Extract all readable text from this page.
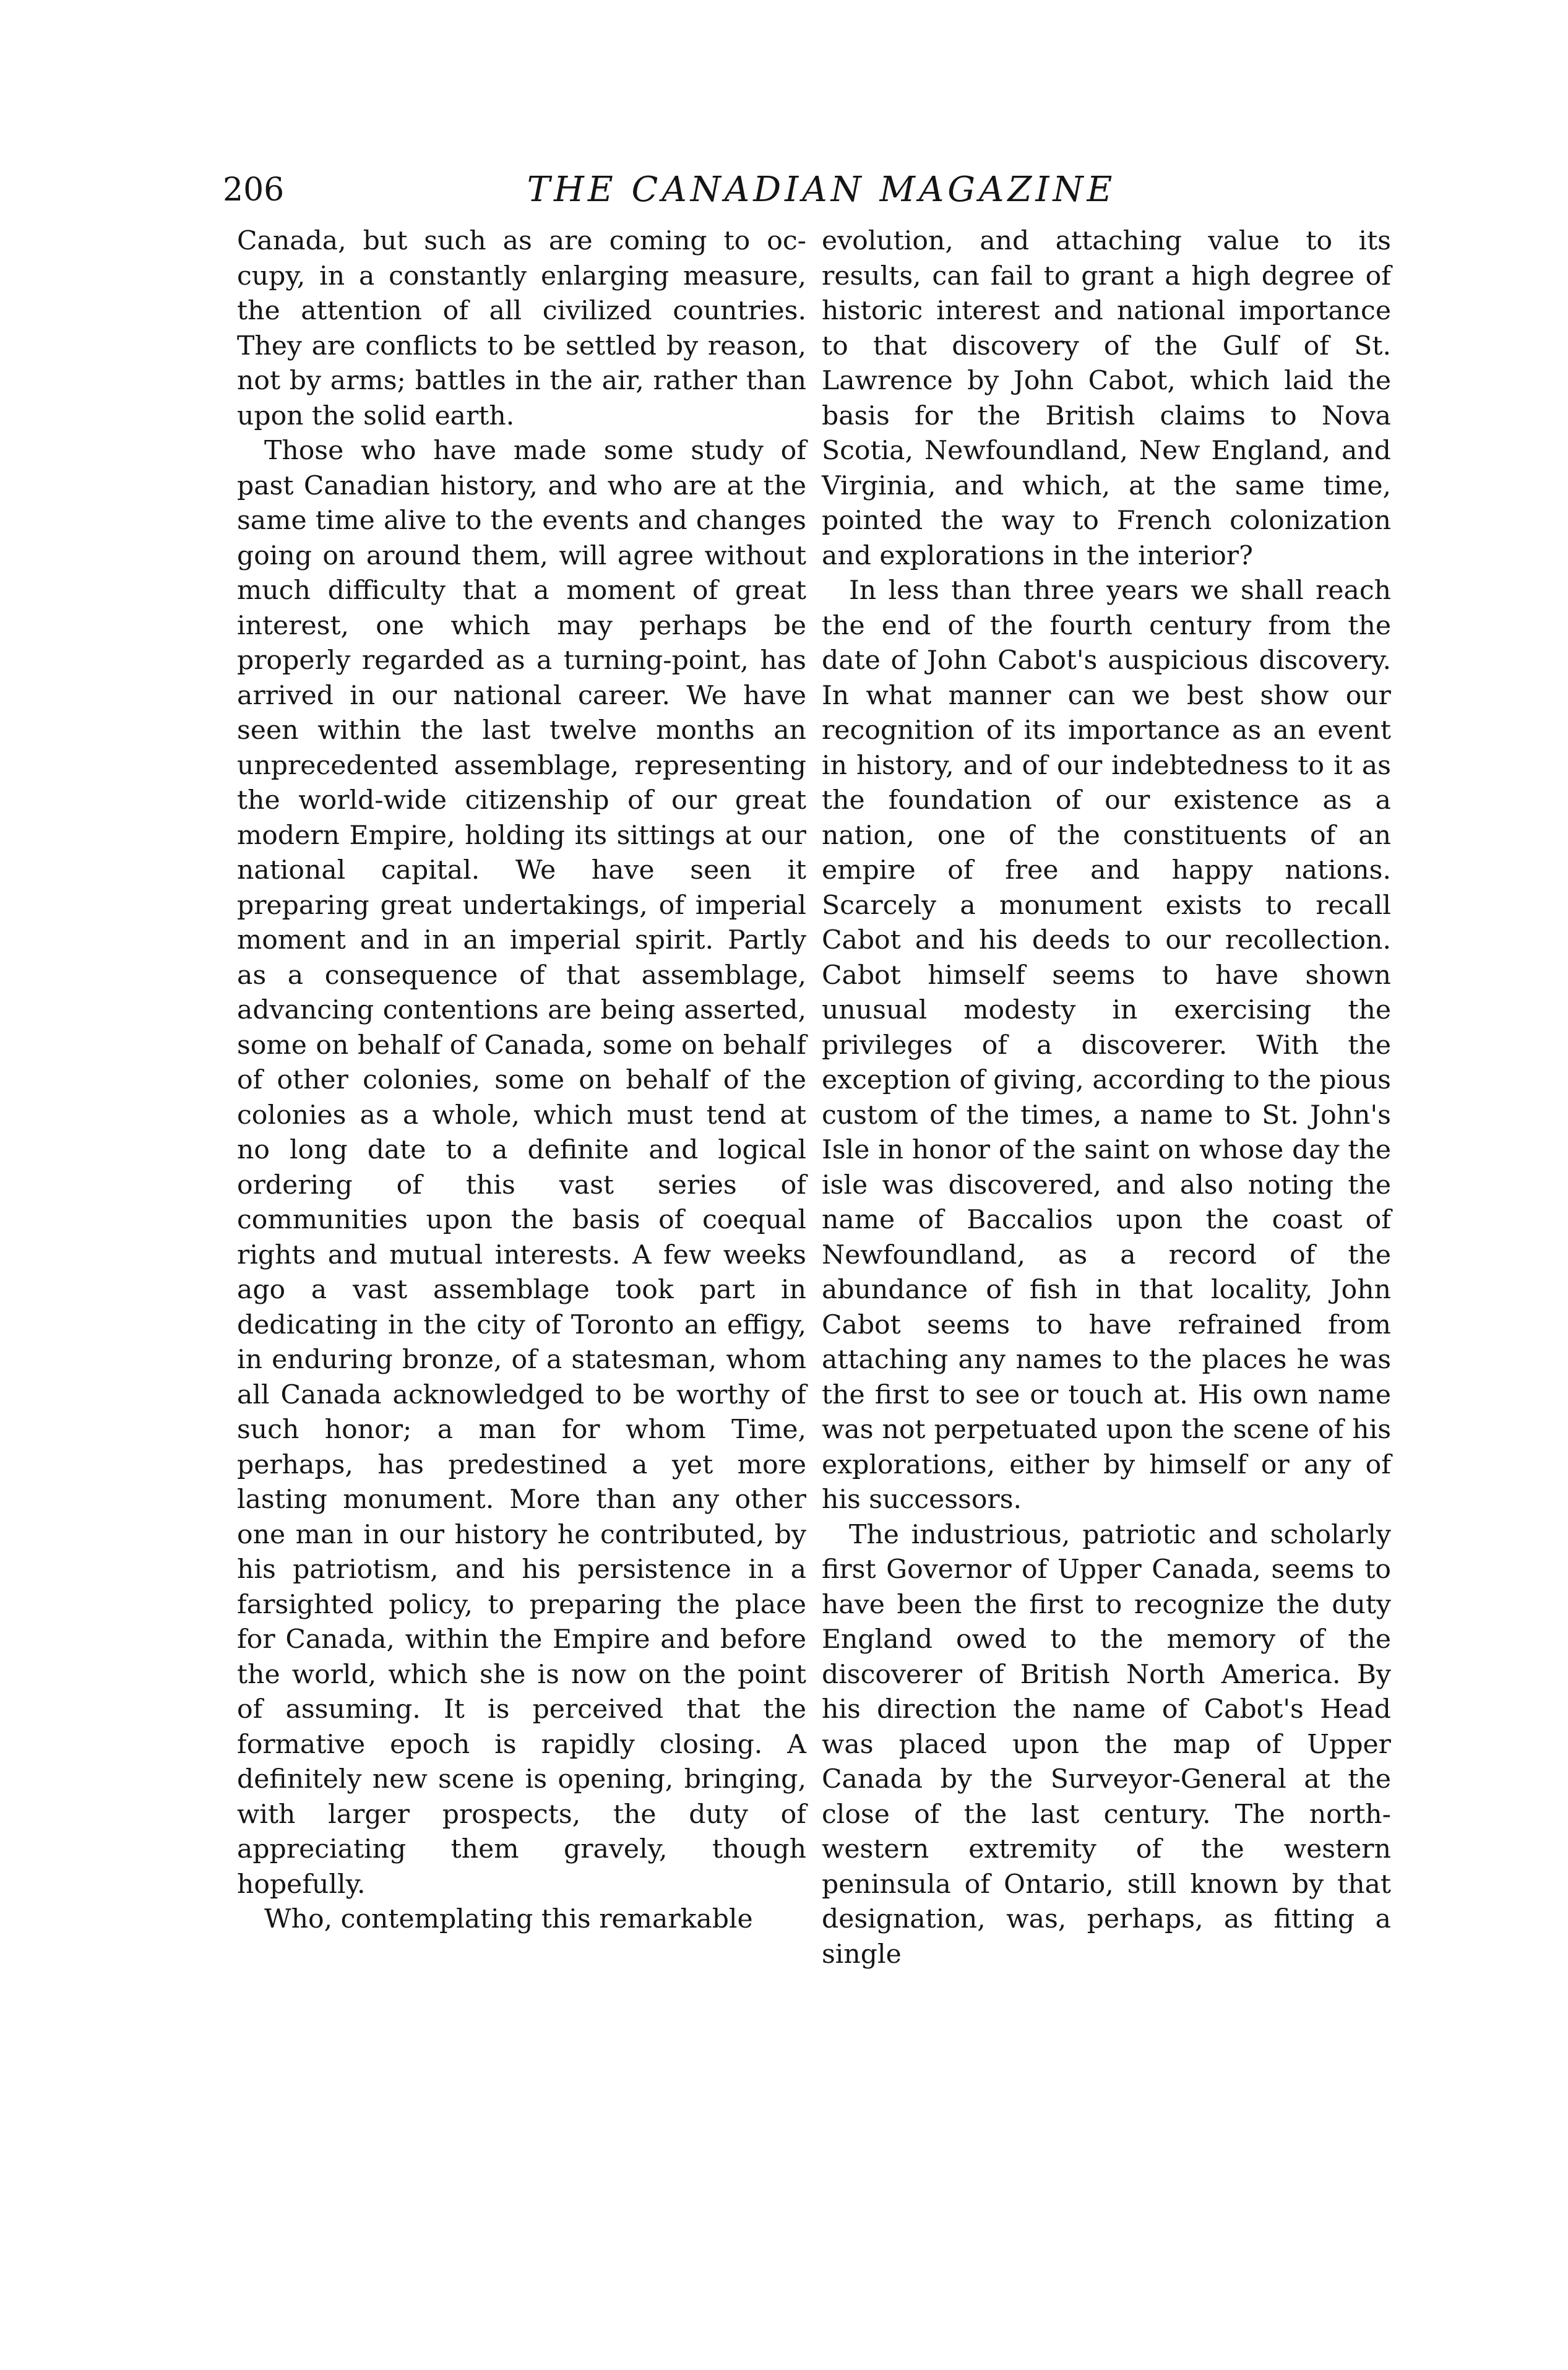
206	THE CANADIAN MAGAZINE

Canada, but such as are coming to occupy, in a constantly enlarging measure, the attention of all civilized countries. They are conflicts to be settled by reason, not by arms; battles in the air, rather than upon the solid earth.

Those who have made some study of past Canadian history, and who are at the same time alive to the events and changes going on around them, will agree without much difficulty that a moment of great interest, one which may perhaps be properly regarded as a turning-point, has arrived in our national career. We have seen within the last twelve months an unprecedented assemblage, representing the world-wide citizenship of our great modern Empire, holding its sittings at our national capital. We have seen it preparing great undertakings, of imperial moment and in an imperial spirit. Partly as a consequence of that assemblage, advancing contentions are being asserted, some on behalf of Canada, some on behalf of other colonies, some on behalf of the colonies as a whole, which must tend at no long date to a definite and logical ordering of this vast series of communities upon the basis of coequal rights and mutual interests. A few weeks ago a vast assemblage took part in dedicating in the city of Toronto an effigy, in enduring bronze, of a statesman, whom all Canada acknowledged to be worthy of such honor; a man for whom Time, perhaps, has predestined a yet more lasting monument. More than any other one man in our history he contributed, by his patriotism, and his persistence in a farsighted policy, to preparing the place for Canada, within the Empire and before the world, which she is now on the point of assuming. It is perceived that the formative epoch is rapidly closing. A definitely new scene is opening, bringing, with larger prospects, the duty of appreciating them gravely, though hopefully.

Who, contemplating this remarkable

evolution, and attaching value to its results, can fail to grant a high degree of historic interest and national importance to that discovery of the Gulf of St. Lawrence by John Cabot, which laid the basis for the British claims to Nova Scotia, Newfoundland, New England, and Virginia, and which, at the same time, pointed the way to French colonization and explorations in the interior?

In less than three years we shall reach the end of the fourth century from the date of John Cabot's auspicious discovery. In what manner can we best show our recognition of its importance as an event in history, and of our indebtedness to it as the foundation of our existence as a nation, one of the constituents of an empire of free and happy nations. Scarcely a monument exists to recall Cabot and his deeds to our recollection. Cabot himself seems to have shown unusual modesty in exercising the privileges of a discoverer. With the exception of giving, according to the pious custom of the times, a name to St. John's Isle in honor of the saint on whose day the isle was discovered, and also noting the name of Baccalios upon the coast of Newfoundland, as a record of the abundance of fish in that locality, John Cabot seems to have refrained from attaching any names to the places he was the first to see or touch at. His own name was not perpetuated upon the scene of his explorations, either by himself or any of his successors.

The industrious, patriotic and scholarly first Governor of Upper Canada, seems to have been the first to recognize the duty England owed to the memory of the discoverer of British North America. By his direction the name of Cabot's Head was placed upon the map of Upper Canada by the Surveyor-General at the close of the last century. The north-western extremity of the western peninsula of Ontario, still known by that designation, was, perhaps, as fitting a single
